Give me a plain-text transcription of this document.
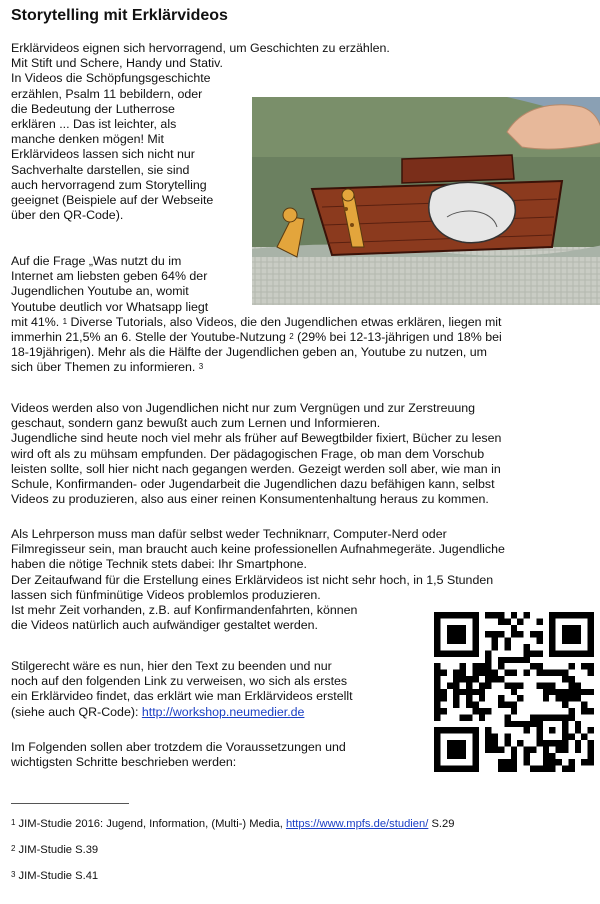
Storytelling mit Erklärvideos
Erklärvideos eignen sich hervorragend, um Geschichten zu erzählen.
Mit Stift und Schere, Handy und Stativ.
In Videos die Schöpfungsgeschichte
erzählen, Psalm 11 bebildern, oder
die Bedeutung der Lutherrose
erklären ... Das ist leichter, als
manche denken mögen! Mit
Erklärvideos lassen sich nicht nur
Sachverhalte darstellen, sie sind
auch hervorragend zum Storytelling
geeignet (Beispiele auf der Webseite
über den QR-Code).
Auf die Frage „Was nutzt du im
Internet am liebsten geben 64% der
Jugendlichen Youtube an, womit
Youtube deutlich vor Whatsapp liegt
mit 41%. $^1$ Diverse Tutorials, also Videos, die den Jugendlichen etwas erklären, liegen mit
immerhin 21,5% an 6. Stelle der Youtube-Nutzung $^2$ (29% bei 12-13-jährigen und 18% bei
18-19jährigen). Mehr als die Hälfte der Jugendlichen geben an, Youtube zu nutzen, um
sich über Themen zu informieren. $^3$
Videos werden also von Jugendlichen nicht nur zum Vergnügen und zur Zerstreuung
geschaut, sondern ganz bewußt auch zum Lernen und Informieren.
Jugendliche sind heute noch viel mehr als früher auf Bewegtbilder fixiert, Bücher zu lesen
wird oft als zu mühsam empfunden. Der pädagogischen Frage, ob man dem Vorschub
leisten sollte, soll hier nicht nach gegangen werden. Gezeigt werden soll aber, wie man in
Schule, Konfirmanden- oder Jugendarbeit die Jugendlichen dazu befähigen kann, selbst
Videos zu produzieren, also aus einer reinen Konsumentenhaltung heraus zu kommen.
Als Lehrperson muss man dafür selbst weder Techniknarr, Computer-Nerd oder
Filmregisseur sein, man braucht auch keine professionellen Aufnahmegeräte. Jugendliche
haben die nötige Technik stets dabei: Ihr Smartphone.
Der Zeitaufwand für die Erstellung eines Erklärvideos ist nicht sehr hoch, in 1,5 Stunden
lassen sich fünfminütige Videos problemlos produzieren.
Ist mehr Zeit vorhanden, z.B. auf Konfirmandenfahrten, können
die Videos natürlich auch aufwändiger gestaltet werden.
Stilgerecht wäre es nun, hier den Text zu beenden und nur
noch auf den folgenden Link zu verweisen, wo sich als erstes
ein Erklärvideo findet, das erklärt wie man Erklärvideos erstellt
(siehe auch QR-Code): http://workshop.neumedier.de
Im Folgenden sollen aber trotzdem die Voraussetzungen und
wichtigsten Schritte beschrieben werden:
$^1$ JIM-Studie 2016: Jugend, Information, (Multi-) Media, https://www.mpfs.de/studien/ S.29
$^2$ JIM-Studie S.39
$^3$ JIM-Studie S.41
